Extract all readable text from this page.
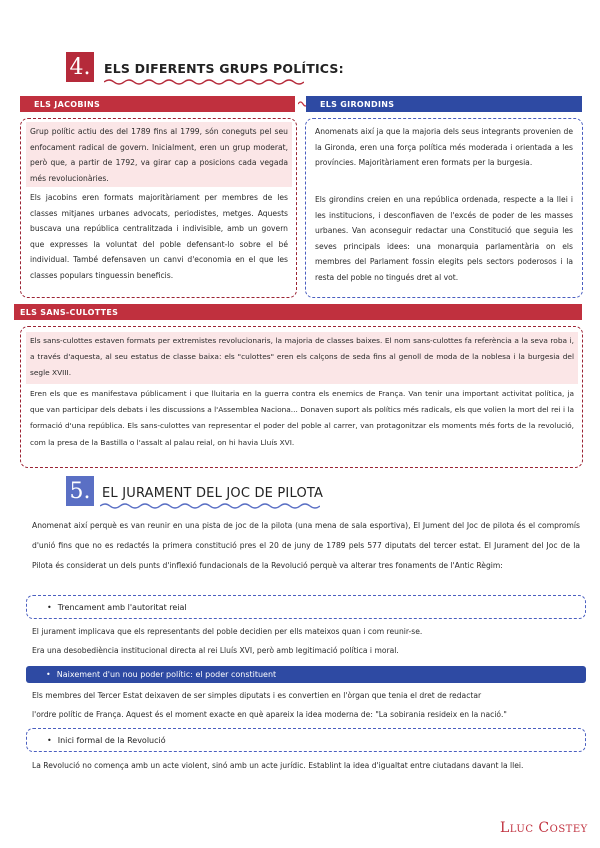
4. ELS DIFERENTS GRUPS POLÍTICS:
ELS JACOBINS
Grup polític actiu des del 1789 fins al 1799, són coneguts pel seu enfocament radical de govern. Inicialment, eren un grup moderat, però que, a partir de 1792, va girar cap a posicions cada vegada més revolucionàries.
Els jacobins eren formats majoritàriament per membres de les classes mitjanes urbanes advocats, periodistes, metges. Aquests buscava una república centralitzada i indivisible, amb un govern que expresses la voluntat del poble defensant-lo sobre el bé individual. També defensaven un canvi d'economia en el que les classes populars tinguessin beneficis.
ELS GIRONDINS
Anomenats així ja que la majoria dels seus integrants provenien de la Gironda, eren una força política més moderada i orientada a les províncies. Majoritàriament eren formats per la burgesia.
Els girondins creien en una república ordenada, respecte a la llei i les institucions, i desconfiaven de l'excés de poder de les masses urbanes. Van aconseguir redactar una Constitució que seguia les seves principals idees: una monarquia parlamentària on els membres del Parlament fossin elegits pels sectors poderosos i la resta del poble no tingués dret al vot.
ELS SANS-CULOTTES
Els sans-culottes estaven formats per extremistes revolucionaris, la majoria de classes baixes. El nom sans-culottes fa referència a la seva roba i, a través d'aquesta, al seu estatus de classe baixa: els "culottes" eren els calçons de seda fins al genoll de moda de la noblesa i la burgesia del segle XVIII.
Eren els que es manifestava públicament i que lluitaria en la guerra contra els enemics de França. Van tenir una important activitat política, ja que van participar dels debats i les discussions a l'Assemblea Naciona... Donaven suport als polítics més radicals, els que volien la mort del rei i la formació d'una república. Els sans-culottes van representar el poder del poble al carrer, van protagonitzar els moments més forts de la revolució, com la presa de la Bastilla o l'assalt al palau reial, on hi havia Lluís XVI.
5. EL JURAMENT DEL JOC DE PILOTA
Anomenat així perquè es van reunir en una pista de joc de la pilota (una mena de sala esportiva), El Jument del Joc de pilota és el compromís d'unió fins que no es redactés la primera constitució pres el 20 de juny de 1789 pels 577 diputats del tercer estat. El Jurament del Joc de la Pilota és considerat un dels punts d'inflexió fundacionals de la Revolució perquè va alterar tres fonaments de l'Antic Règim:
• Trencament amb l'autoritat reial
El jurament implicava que els representants del poble decidien per ells mateixos quan i com reunir-se.
Era una desobediència institucional directa al rei Lluís XVI, però amb legitimació política i moral.
• Naixement d'un nou poder polític: el poder constituent
Els membres del Tercer Estat deixaven de ser simples diputats i es convertien en l'òrgan que tenia el dret de redactar
l'ordre polític de França. Aquest és el moment exacte en què apareix la idea moderna de: "La sobirania resideix en la nació."
• Inici formal de la Revolució
La Revolució no comença amb un acte violent, sinó amb un acte jurídic. Establint la idea d'igualtat entre ciutadans davant la llei.
Lluc Costey
